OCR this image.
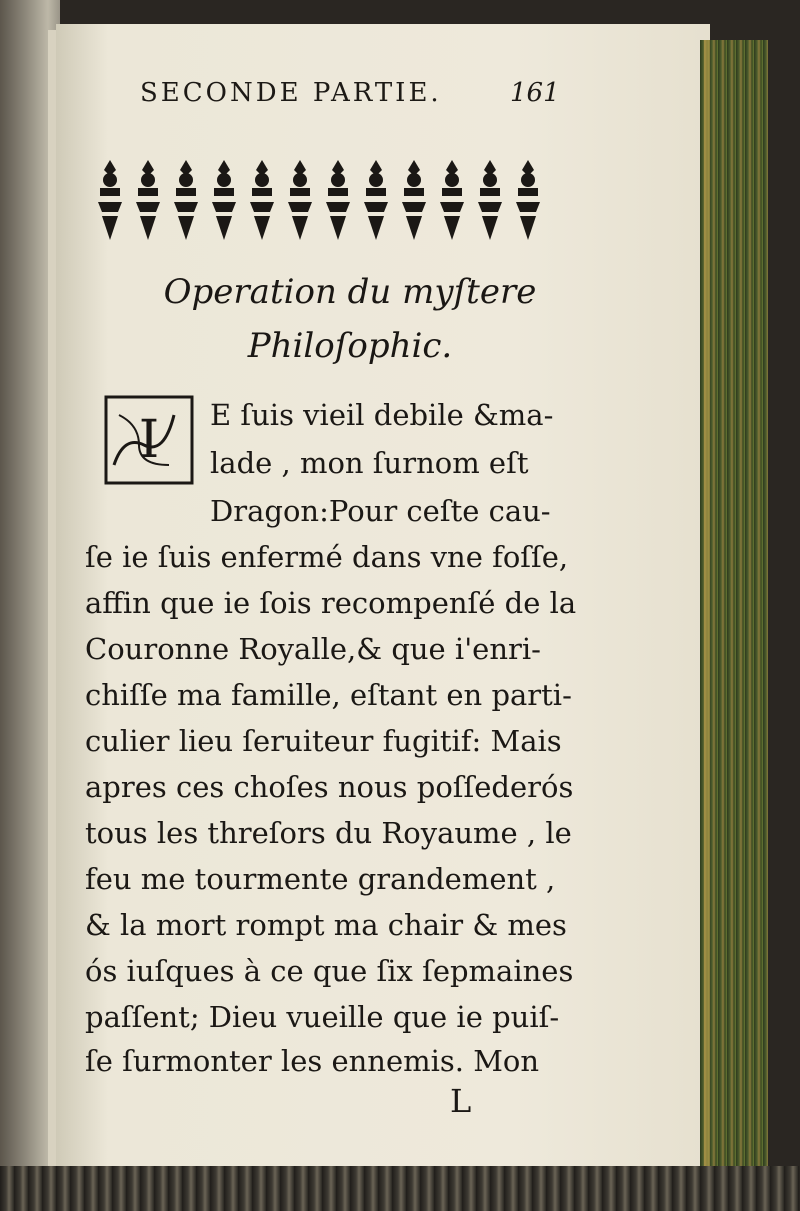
SECONDE PARTIE.	161
Operation du myſtere
Philoſophic.
I E ſuis vieil debile &ma-
lade , mon ſurnom eſt
Dragon:Pour ceſte cau-
ſe ie ſuis enfermé dans vne foſſe,
affin que ie ſois recompenſé de la
Couronne Royalle,& que i'enri-
chiſſe ma famille, eſtant en parti-
culier lieu ſeruiteur fugitif: Mais
apres ces choſes nous poſſederós
tous les threſors du Royaume , le
feu me tourmente grandement ,
& la mort rompt ma chair & mes
ós iuſques à ce que ſix ſepmaines
paſſent; Dieu vueille que ie puiſ-
ſe ſurmonter les ennemis. Mon
L
